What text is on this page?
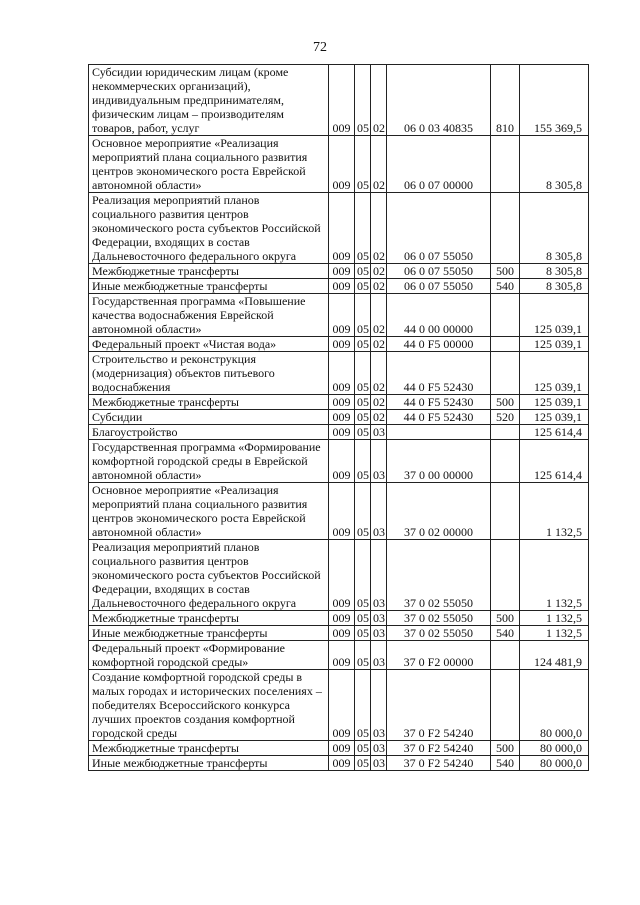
72
Субсидии юридическим лицам (кроме некоммерческих организаций), индивидуальным предпринимателям, физическим лицам – производителям товаров, работ, услуг	009	05	02	06 0 03 40835	810	155 369,5
Основное мероприятие «Реализация мероприятий плана социального развития центров экономического роста Еврейской автономной области»	009	05	02	06 0 07 00000		8 305,8
Реализация мероприятий планов социального развития центров экономического роста субъектов Российской Федерации, входящих в состав Дальневосточного федерального округа	009	05	02	06 0 07 55050		8 305,8
Межбюджетные трансферты	009	05	02	06 0 07 55050	500	8 305,8
Иные межбюджетные трансферты	009	05	02	06 0 07 55050	540	8 305,8
Государственная программа «Повышение качества водоснабжения Еврейской автономной области»	009	05	02	44 0 00 00000		125 039,1
Федеральный проект «Чистая вода»	009	05	02	44 0 F5 00000		125 039,1
Строительство и реконструкция (модернизация) объектов питьевого водоснабжения	009	05	02	44 0 F5 52430		125 039,1
Межбюджетные трансферты	009	05	02	44 0 F5 52430	500	125 039,1
Субсидии	009	05	02	44 0 F5 52430	520	125 039,1
Благоустройство	009	05	03			125 614,4
Государственная программа «Формирование комфортной городской среды в Еврейской автономной области»	009	05	03	37 0 00 00000		125 614,4
Основное мероприятие «Реализация мероприятий плана социального развития центров экономического роста Еврейской автономной области»	009	05	03	37 0 02 00000		1 132,5
Реализация мероприятий планов социального развития центров экономического роста субъектов Российской Федерации, входящих в состав Дальневосточного федерального округа	009	05	03	37 0 02 55050		1 132,5
Межбюджетные трансферты	009	05	03	37 0 02 55050	500	1 132,5
Иные межбюджетные трансферты	009	05	03	37 0 02 55050	540	1 132,5
Федеральный проект «Формирование комфортной городской среды»	009	05	03	37 0 F2 00000		124 481,9
Создание комфортной городской среды в малых городах и исторических поселениях – победителях Всероссийского конкурса лучших проектов создания комфортной городской среды	009	05	03	37 0 F2 54240		80 000,0
Межбюджетные трансферты	009	05	03	37 0 F2 54240	500	80 000,0
Иные межбюджетные трансферты	009	05	03	37 0 F2 54240	540	80 000,0
